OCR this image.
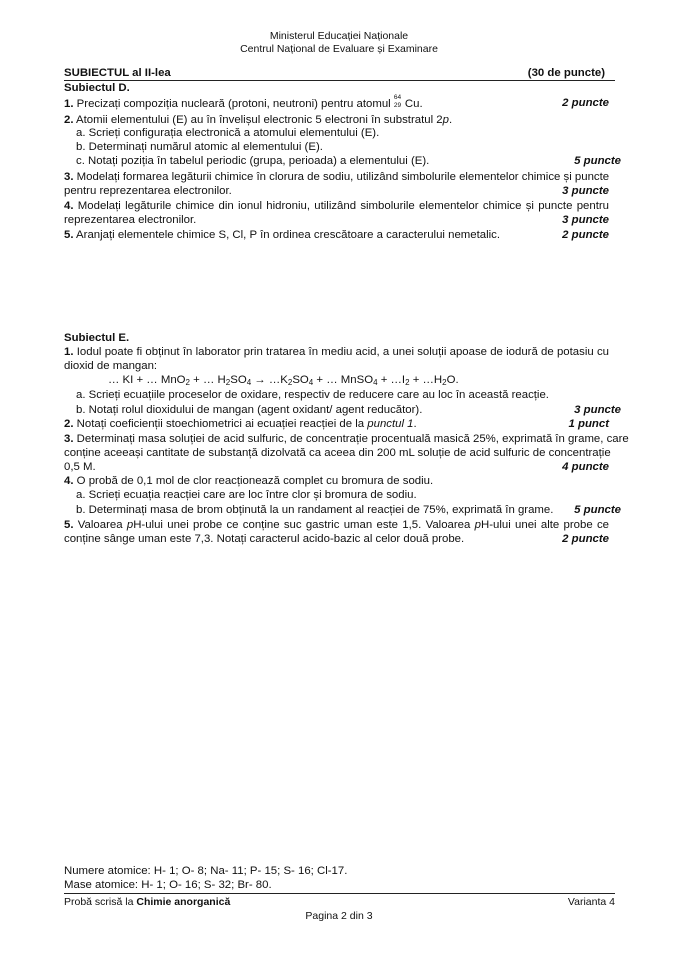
Ministerul Educației Naționale
Centrul Național de Evaluare și Examinare
SUBIECTUL al II-lea	(30 de puncte)
Subiectul D.
1. Precizați compoziția nucleară (protoni, neutroni) pentru atomul
64
29 Cu.	2 puncte
2. Atomii elementului (E) au în învelișul electronic 5 electroni în substratul 2p.
a. Scrieți configurația electronică a atomului elementului (E).
b. Determinați numărul atomic al elementului (E).
c. Notați poziția în tabelul periodic (grupa, perioada) a elementului (E).	5 puncte
3. Modelați formarea legăturii chimice în clorura de sodiu, utilizând simbolurile elementelor chimice și puncte
pentru reprezentarea electronilor.	3 puncte
4. Modelați legăturile chimice din ionul hidroniu, utilizând simbolurile elementelor chimice și puncte pentru
reprezentarea electronilor.	3 puncte
5. Aranjați elementele chimice S, Cl, P în ordinea crescătoare a caracterului nemetalic.	2 puncte
Subiectul E.
1. Iodul poate fi obținut în laborator prin tratarea în mediu acid, a unei soluții apoase de iodură de potasiu cu
dioxid de mangan:
… KI + … MnO$_2$ + … $H_2SO_4$ → $\dots K_2SO_4$ + … MnSO$_4$ + $\dots I_2$ + $\dots H_2O$.
a. Scrieți ecuațiile proceselor de oxidare, respectiv de reducere care au loc în această reacție.
b. Notați rolul dioxidului de mangan (agent oxidant/ agent reducător).	3 puncte
2. Notați coeficienții stoechiometrici ai ecuației reacției de la punctul 1.	1 punct
3. Determinați masa soluției de acid sulfuric, de concentrație procentuală masică 25%, exprimată în grame, care
conține aceeași cantitate de substanță dizolvată ca aceea din 200 mL soluție de acid sulfuric de concentrație
0,5 M.	4 puncte
4. O probă de 0,1 mol de clor reacționează complet cu bromura de sodiu.
a. Scrieți ecuația reacției care are loc între clor și bromura de sodiu.
b. Determinați masa de brom obținută la un randament al reacției de 75%, exprimată în grame. 5 puncte
5. Valoarea pH-ului unei probe ce conține suc gastric uman este 1,5. Valoarea pH-ului unei alte probe ce
conține sânge uman este 7,3. Notați caracterul acido-bazic al celor două probe.	2 puncte
Numere atomice: H- 1; O- 8; Na- 11; P- 15; S- 16; Cl-17.
Mase atomice: H- 1; O- 16; S- 32; Br- 80.
Probă scrisă la Chimie anorganică	Varianta 4
Pagina 2 din 3
